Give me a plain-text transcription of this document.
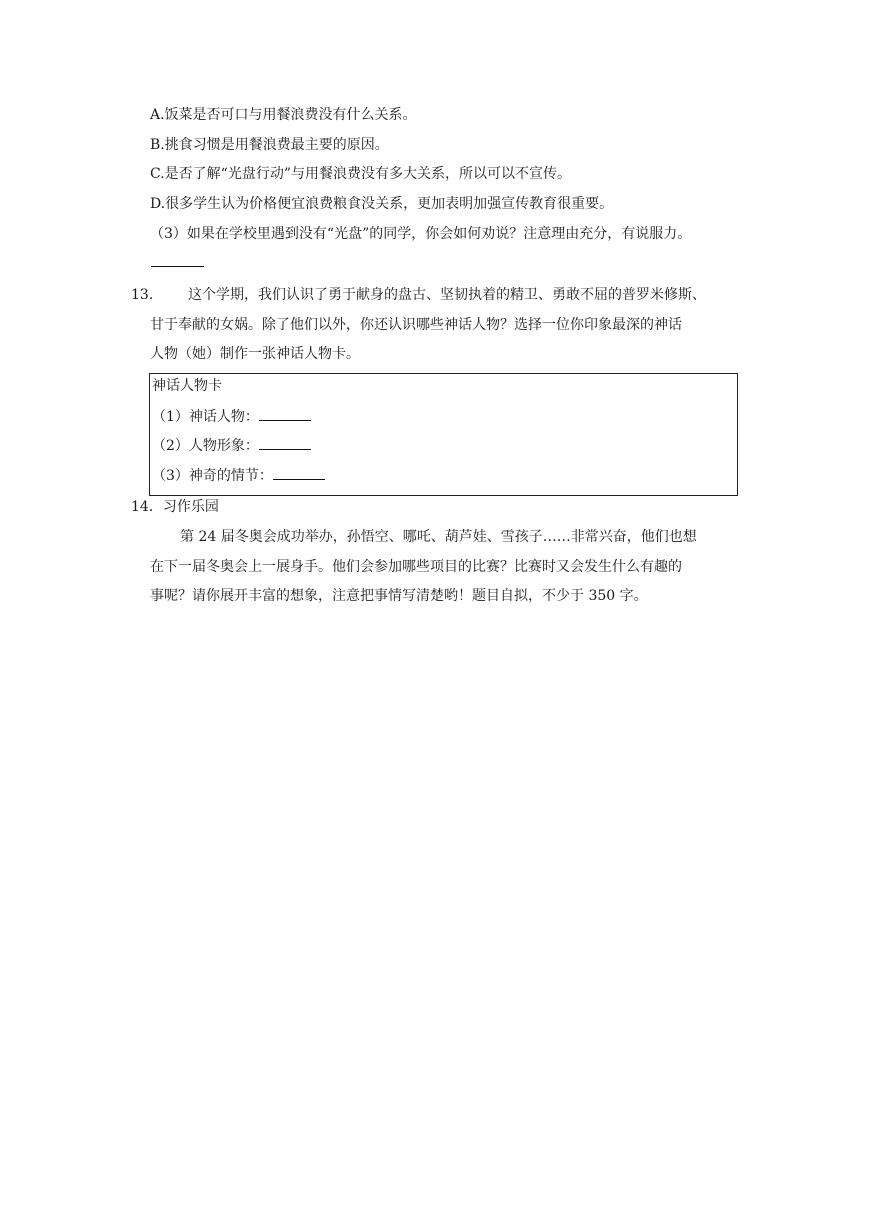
A.饭菜是否可口与用餐浪费没有什么关系。
B.挑食习惯是用餐浪费最主要的原因。
C.是否了解“光盘行动”与用餐浪费没有多大关系，所以可以不宣传。
D.很多学生认为价格便宜浪费粮食没关系，更加表明加强宣传教育很重要。
（3）如果在学校里遇到没有“光盘”的同学，你会如何劝说？注意理由充分，有说服力。
13. 这个学期，我们认识了勇于献身的盘古、坚韧执着的精卫、勇敢不屈的普罗米修斯、
甘于奉献的女娲。除了他们以外，你还认识哪些神话人物？选择一位你印象最深的神话
人物（她）制作一张神话人物卡。
神话人物卡
（1）神话人物：
（2）人物形象：
（3）神奇的情节：
14．习作乐园
第 24 届冬奥会成功举办，孙悟空、哪吒、葫芦娃、雪孩子……非常兴奋，他们也想
在下一届冬奥会上一展身手。他们会参加哪些项目的比赛？比赛时又会发生什么有趣的
事呢？请你展开丰富的想象，注意把事情写清楚哟！题目自拟，不少于 350 字。
